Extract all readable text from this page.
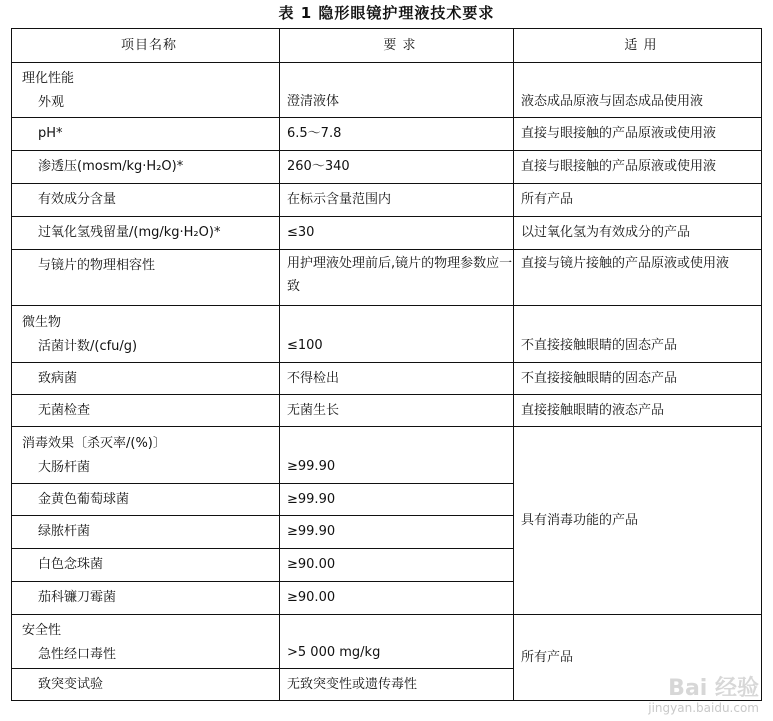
表 1 隐形眼镜护理液技术要求
项目名称	要 求	适 用

理化性能
外观	澄清液体	液态成品原液与固态成品使用液
pH*	6.5～7.8	直接与眼接触的产品原液或使用液
渗透压(mosm/kg·H₂O)*	260～340	直接与眼接触的产品原液或使用液
有效成分含量	在标示含量范围内	所有产品
过氧化氢残留量/(mg/kg·H₂O)*	≤30	以过氧化氢为有效成分的产品
与镜片的物理相容性	用护理液处理前后,镜片的物理参数应一致	直接与镜片接触的产品原液或使用液

微生物
活菌计数/(cfu/g)	≤100	不直接接触眼睛的固态产品
致病菌	不得检出	不直接接触眼睛的固态产品
无菌检查	无菌生长	直接接触眼睛的液态产品

消毒效果〔杀灭率/(%)〕
大肠杆菌	≥99.90	具有消毒功能的产品
金黄色葡萄球菌	≥99.90	
绿脓杆菌	≥99.90	
白色念珠菌	≥90.00	
茄科镰刀霉菌	≥90.00	

安全性
急性经口毒性	>5 000 mg/kg	所有产品
致突变试验	无致突变性或遗传毒性		Bai 经验
jingyan.baidu.com
